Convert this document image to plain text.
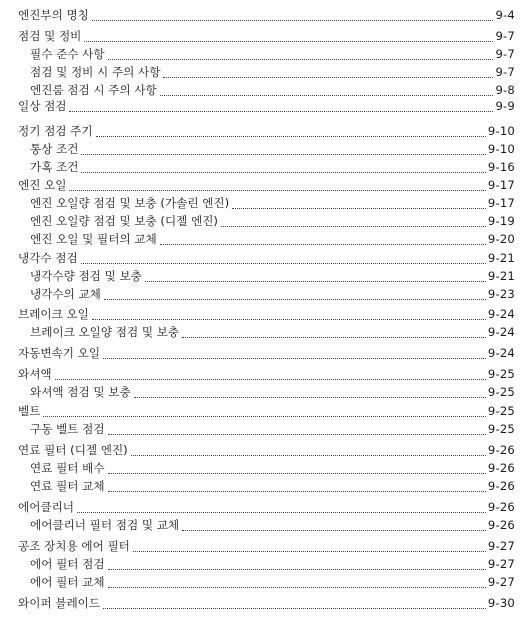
엔진부의 명칭	9-4
점검 및 정비	9-7
필수 준수 사항	9-7
점검 및 정비 시 주의 사항	9-7
엔진룸 점검 시 주의 사항	9-8
일상 점검	9-9
정기 점검 주기	9-10
통상 조건	9-10
가혹 조건	9-16
엔진 오일	9-17
엔진 오일량 점검 및 보충 (가솔린 엔진)	9-17
엔진 오일량 점검 및 보충 (디젤 엔진)	9-19
엔진 오일 및 필터의 교체	9-20
냉각수 점검	9-21
냉각수량 점검 및 보충	9-21
냉각수의 교체	9-23
브레이크 오일	9-24
브레이크 오일양 점검 및 보충	9-24
자동변속기 오일	9-24
와셔액	9-25
와셔액 점검 및 보충	9-25
벨트	9-25
구동 벨트 점검	9-25
연료 필터 (디젤 엔진)	9-26
연료 필터 배수	9-26
연료 필터 교체	9-26
에어클리너	9-26
에어클리너 필터 점검 및 교체	9-26
공조 장치용 에어 필터	9-27
에어 필터 점검	9-27
에어 필터 교체	9-27
와이퍼 블레이드	9-30
